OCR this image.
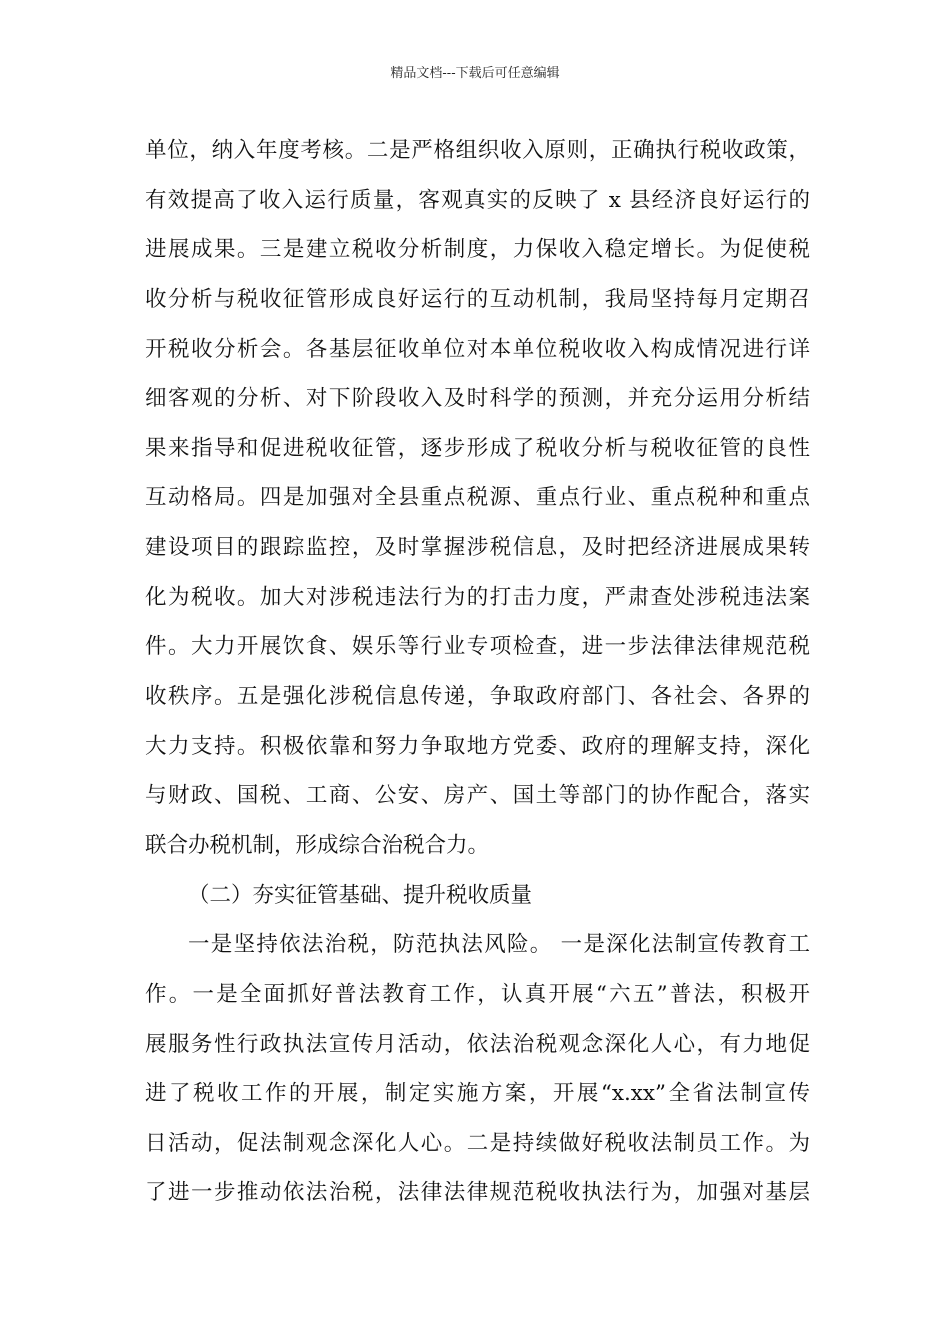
精品文档---下载后可任意编辑
单位，纳入年度考核。二是严格组织收入原则，正确执行税收政策，
有效提高了收入运行质量，客观真实的反映了 x 县经济良好运行的
进展成果。三是建立税收分析制度，力保收入稳定增长。为促使税
收分析与税收征管形成良好运行的互动机制，我局坚持每月定期召
开税收分析会。各基层征收单位对本单位税收收入构成情况进行详
细客观的分析、对下阶段收入及时科学的预测，并充分运用分析结
果来指导和促进税收征管，逐步形成了税收分析与税收征管的良性
互动格局。四是加强对全县重点税源、重点行业、重点税种和重点
建设项目的跟踪监控，及时掌握涉税信息，及时把经济进展成果转
化为税收。加大对涉税违法行为的打击力度，严肃查处涉税违法案
件。大力开展饮食、娱乐等行业专项检查，进一步法律法律规范税
收秩序。五是强化涉税信息传递，争取政府部门、各社会、各界的
大力支持。积极依靠和努力争取地方党委、政府的理解支持，深化
与财政、国税、工商、公安、房产、国土等部门的协作配合，落实
联合办税机制，形成综合治税合力。
（二）夯实征管基础、提升税收质量
一是坚持依法治税，防范执法风险。 一是深化法制宣传教育工
作。一是全面抓好普法教育工作，认真开展“六五”普法，积极开
展服务性行政执法宣传月活动，依法治税观念深化人心，有力地促
进了税收工作的开展，制定实施方案，开展“x.xx”全省法制宣传
日活动，促法制观念深化人心。二是持续做好税收法制员工作。为
了进一步推动依法治税，法律法律规范税收执法行为，加强对基层
